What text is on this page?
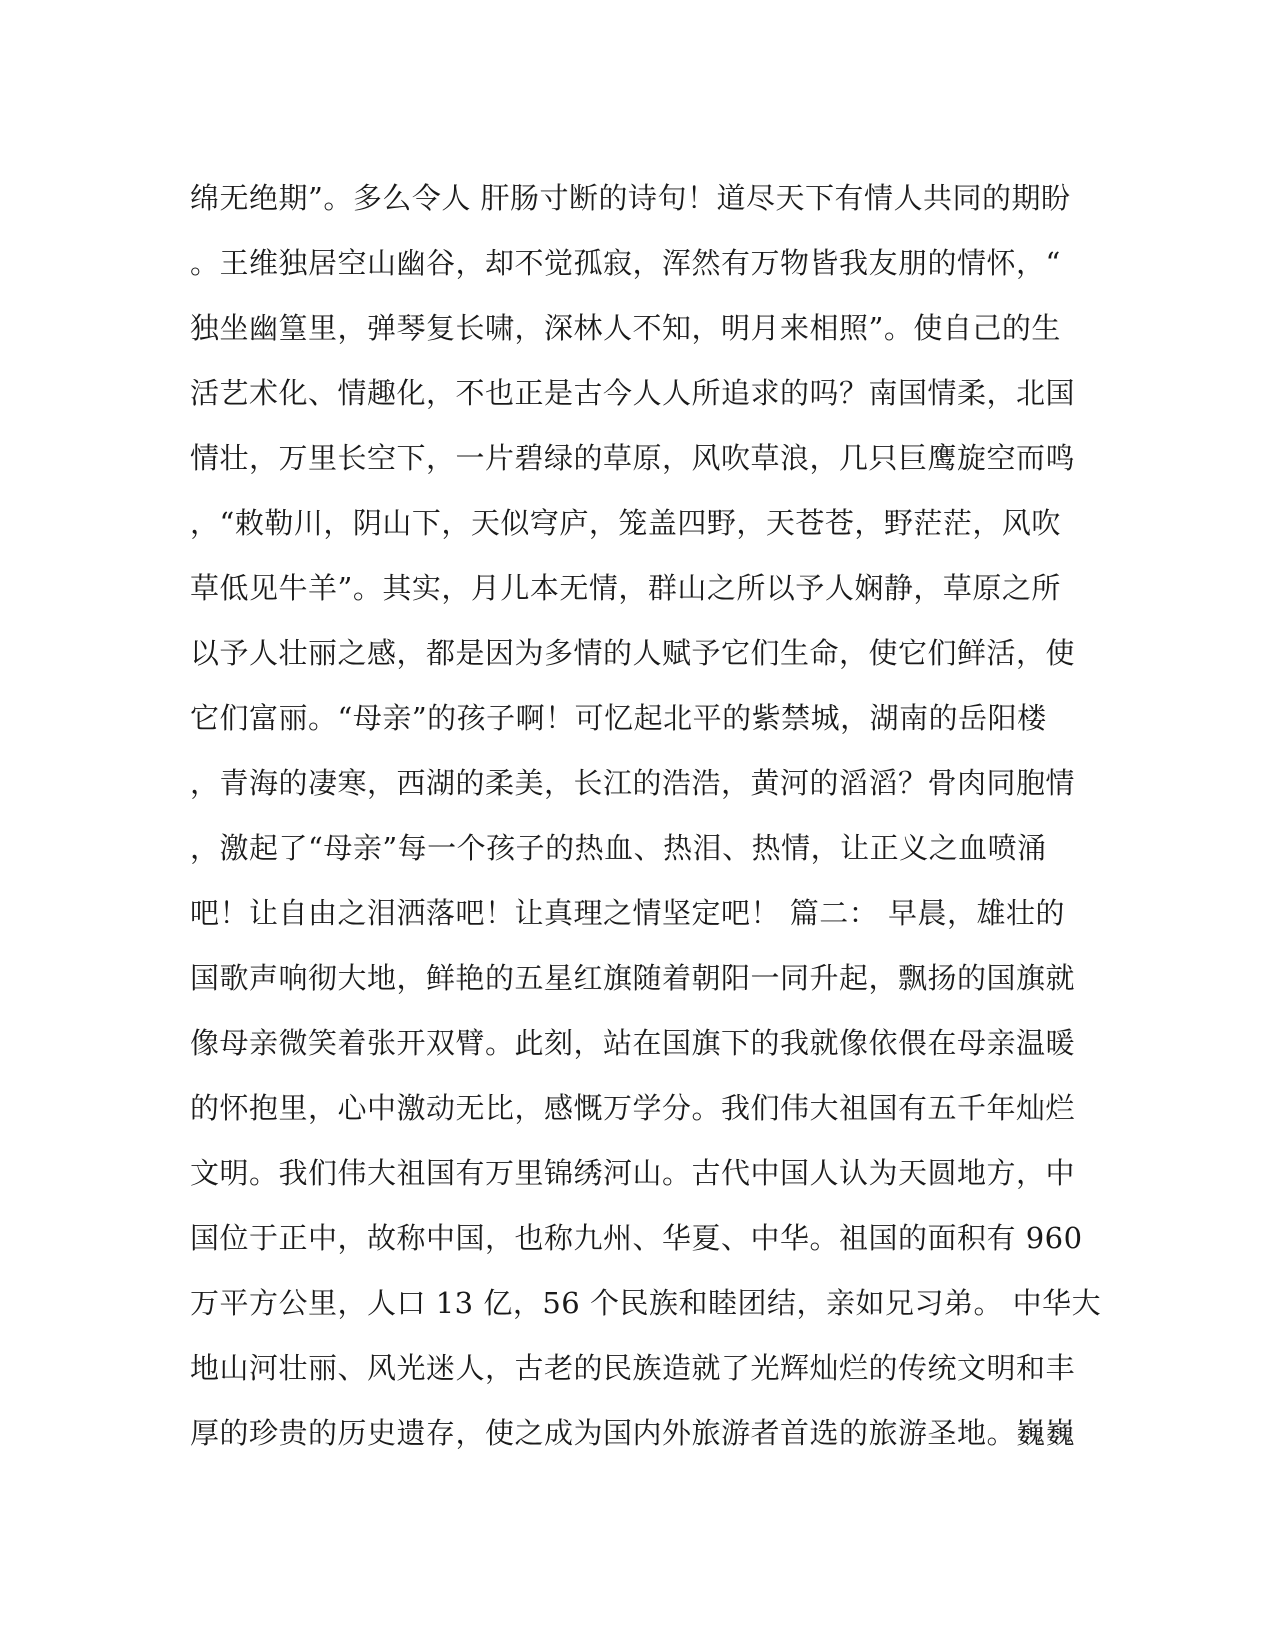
绵无绝期”。多么令人 肝肠寸断的诗句！道尽天下有情人共同的期盼
。王维独居空山幽谷，却不觉孤寂，浑然有万物皆我友朋的情怀，“
独坐幽篁里，弹琴复长啸，深林人不知，明月来相照”。使自己的生
活艺术化、情趣化，不也正是古今人人所追求的吗？南国情柔，北国
情壮，万里长空下，一片碧绿的草原，风吹草浪，几只巨鹰旋空而鸣
，“敕勒川，阴山下，天似穹庐，笼盖四野，天苍苍，野茫茫，风吹
草低见牛羊”。其实，月儿本无情，群山之所以予人娴静，草原之所
以予人壮丽之感，都是因为多情的人赋予它们生命，使它们鲜活，使
它们富丽。“母亲”的孩子啊！可忆起北平的紫禁城，湖南的岳阳楼
，青海的凄寒，西湖的柔美，长江的浩浩，黄河的滔滔？骨肉同胞情
，激起了“母亲”每一个孩子的热血、热泪、热情，让正义之血喷涌
吧！让自由之泪洒落吧！让真理之情坚定吧！ 篇二： 早晨，雄壮的
国歌声响彻大地，鲜艳的五星红旗随着朝阳一同升起，飘扬的国旗就
像母亲微笑着张开双臂。此刻，站在国旗下的我就像依偎在母亲温暖
的怀抱里，心中激动无比，感慨万学分。我们伟大祖国有五千年灿烂
文明。我们伟大祖国有万里锦绣河山。古代中国人认为天圆地方，中
国位于正中，故称中国，也称九州、华夏、中华。祖国的面积有 960
万平方公里，人口 13 亿，56 个民族和睦团结，亲如兄习弟。 中华大
地山河壮丽、风光迷人，古老的民族造就了光辉灿烂的传统文明和丰
厚的珍贵的历史遗存，使之成为国内外旅游者首选的旅游圣地。巍巍
